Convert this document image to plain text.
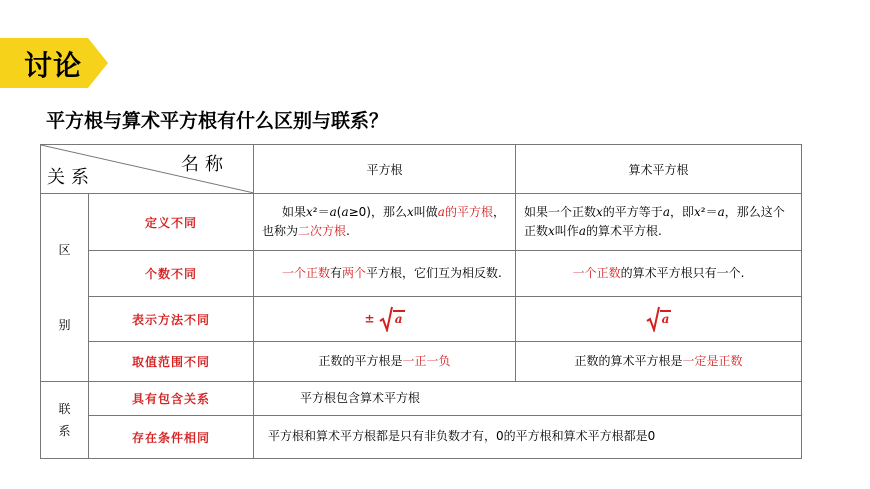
讨论
平方根与算术平方根有什么区别与联系？
名称
关系		平方根	算术平方根

区
别	定义不同	如果x²＝a(a≥0)，那么x叫做a的平方根，也称为二次方根.	如果一个正数x的平方等于a，即x²＝a，那么这个正数x叫作a的算术平方根.
	个数不同	一个正数有两个平方根，它们互为相反数.	一个正数的算术平方根只有一个.
	表示方法不同	± a	a
	取值范围不同	正数的平方根是一正一负	正数的算术平方根是一定是正数

联
系	具有包含关系	平方根包含算术平方根	
	存在条件相同	平方根和算术平方根都是只有非负数才有，0的平方根和算术平方根都是0	
